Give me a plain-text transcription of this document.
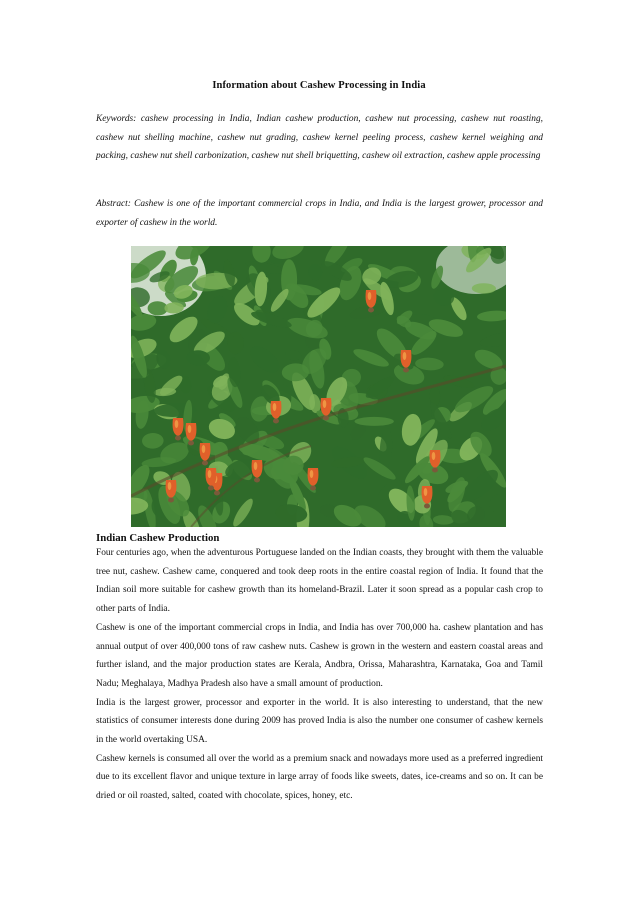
Information about Cashew Processing in India
Keywords: cashew processing in India, Indian cashew production, cashew nut processing, cashew nut roasting, cashew nut shelling machine, cashew nut grading, cashew kernel peeling process, cashew kernel weighing and packing, cashew nut shell carbonization, cashew nut shell briquetting, cashew oil extraction, cashew apple processing
Abstract: Cashew is one of the important commercial crops in India, and India is the largest grower, processor and exporter of cashew in the world.
Indian Cashew Production

Four centuries ago, when the adventurous Portuguese landed on the Indian coasts, they brought with them the valuable tree nut, cashew. Cashew came, conquered and took deep roots in the entire coastal region of India. It found that the Indian soil more suitable for cashew growth than its homeland-Brazil. Later it soon spread as a popular cash crop to other parts of India.

Cashew is one of the important commercial crops in India, and India has over 700,000 ha. cashew plantation and has annual output of over 400,000 tons of raw cashew nuts. Cashew is grown in the western and eastern coastal areas and further island, and the major production states are Kerala, Andbra, Orissa, Maharashtra, Karnataka, Goa and Tamil Nadu; Meghalaya, Madhya Pradesh also have a small amount of production.

India is the largest grower, processor and exporter in the world. It is also interesting to understand, that the new statistics of consumer interests done during 2009 has proved India is also the number one consumer of cashew kernels in the world overtaking USA.

Cashew kernels is consumed all over the world as a premium snack and nowadays more used as a preferred ingredient due to its excellent flavor and unique texture in large array of foods like sweets, dates, ice-creams and so on. It can be dried or oil roasted, salted, coated with chocolate, spices, honey, etc.
